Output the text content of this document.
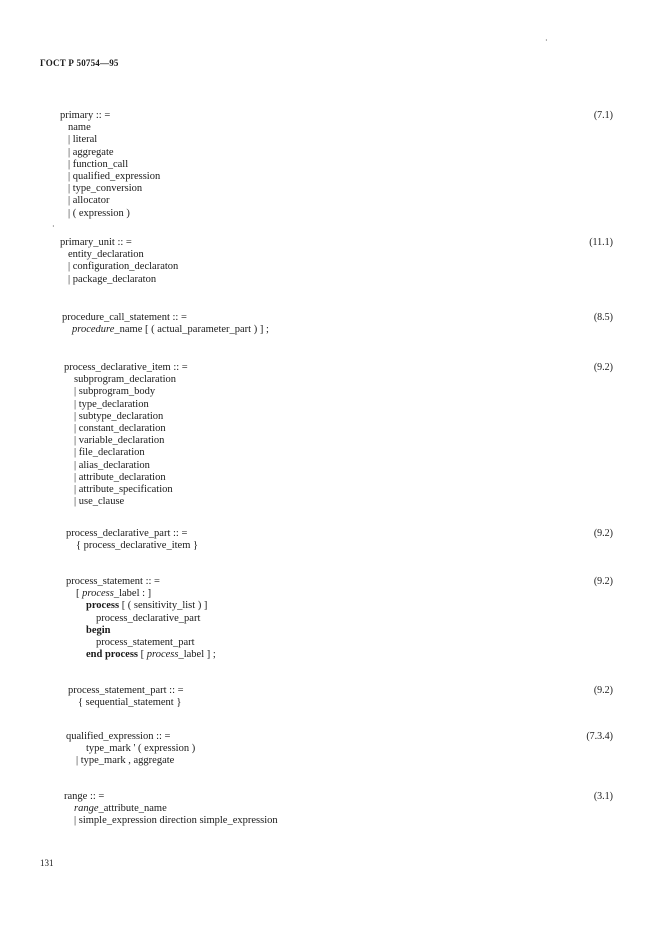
ГОСТ Р 50754—95
(7.1)
primary :: =
name
| literal
| aggregate
| function_call
| qualified_expression
| type_conversion
| allocator
| ( expression )
(11.1)
primary_unit :: =
entity_declaration
| configuration_declaraton
| package_declaraton
(8.5)
procedure_call_statement :: =
procedure_name [ ( actual_parameter_part ) ] ;
(9.2)
process_declarative_item :: =
subprogram_declaration
| subprogram_body
| type_declaration
| subtype_declaration
| constant_declaration
| variable_declaration
| file_declaration
| alias_declaration
| attribute_declaration
| attribute_specification
| use_clause
(9.2)
process_declarative_part :: =
{ process_declarative_item }
(9.2)
process_statement :: =
[ process_label : ]
process [ ( sensitivity_list ) ]
process_declarative_part
begin
process_statement_part
end process [ process_label ] ;
(9.2)
process_statement_part :: =
{ sequential_statement }
(7.3.4)
qualified_expression :: =
type_mark ' ( expression )
| type_mark , aggregate
(3.1)
range :: =
range_attribute_name
| simple_expression direction simple_expression
·
·
131
